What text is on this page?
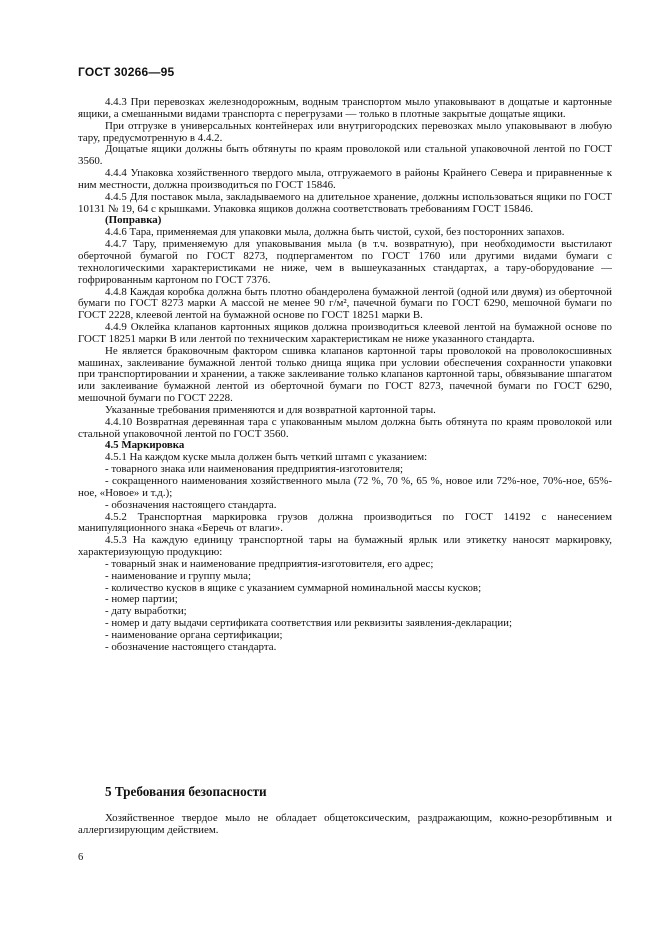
ГОСТ 30266—95

4.4.3 При перевозках железнодорожным, водным транспортом мыло упаковывают в дощатые и картонные ящики, а смешанными видами транспорта с перегрузами — только в плотные закрытые дощатые ящики.

При отгрузке в универсальных контейнерах или внутригородских перевозках мыло упаковывают в любую тару, предусмотренную в 4.4.2.

Дощатые ящики должны быть обтянуты по краям проволокой или стальной упаковочной лентой по ГОСТ 3560.

4.4.4 Упаковка хозяйственного твердого мыла, отгружаемого в районы Крайнего Севера и приравненные к ним местности, должна производиться по ГОСТ 15846.

4.4.5 Для поставок мыла, закладываемого на длительное хранение, должны использоваться ящики по ГОСТ 10131 № 19, 64 с крышками. Упаковка ящиков должна соответствовать требованиям ГОСТ 15846.

(Поправка)

4.4.6 Тара, применяемая для упаковки мыла, должна быть чистой, сухой, без посторонних запахов.

4.4.7 Тару, применяемую для упаковывания мыла (в т.ч. возвратную), при необходимости выстилают оберточной бумагой по ГОСТ 8273, подпергаментом по ГОСТ 1760 или другими видами бумаги с технологическими характеристиками не ниже, чем в вышеуказанных стандартах, а тару-оборудование — гофрированным картоном по ГОСТ 7376.

4.4.8 Каждая коробка должна быть плотно обандеролена бумажной лентой (одной или двумя) из оберточной бумаги по ГОСТ 8273 марки А массой не менее 90 г/м², пачечной бумаги по ГОСТ 6290, мешочной бумаги по ГОСТ 2228, клеевой лентой на бумажной основе по ГОСТ 18251 марки В.

4.4.9 Оклейка клапанов картонных ящиков должна производиться клеевой лентой на бумажной основе по ГОСТ 18251 марки В или лентой по техническим характеристикам не ниже указанного стандарта.

Не является браковочным фактором сшивка клапанов картонной тары проволокой на проволокосшивных машинах, заклеивание бумажной лентой только днища ящика при условии обеспечения сохранности упаковки при транспортировании и хранении, а также заклеивание только клапанов картонной тары, обвязывание шпагатом или заклеивание бумажной лентой из оберточной бумаги по ГОСТ 8273, пачечной бумаги по ГОСТ 6290, мешочной бумаги по ГОСТ 2228.

Указанные требования применяются и для возвратной картонной тары.

4.4.10 Возвратная деревянная тара с упакованным мылом должна быть обтянута по краям проволокой или стальной упаковочной лентой по ГОСТ 3560.

4.5 Маркировка

4.5.1 На каждом куске мыла должен быть четкий штамп с указанием:

- товарного знака или наименования предприятия-изготовителя;

- сокращенного наименования хозяйственного мыла (72 %, 70 %, 65 %, новое или 72%-ное, 70%-ное, 65%-ное, «Новое» и т.д.);

- обозначения настоящего стандарта.

4.5.2 Транспортная маркировка грузов должна производиться по ГОСТ 14192 с нанесением манипуляционного знака «Беречь от влаги».

4.5.3 На каждую единицу транспортной тары на бумажный ярлык или этикетку наносят маркировку, характеризующую продукцию:

- товарный знак и наименование предприятия-изготовителя, его адрес;

- наименование и группу мыла;

- количество кусков в ящике с указанием суммарной номинальной массы кусков;

- номер партии;

- дату выработки;

- номер и дату выдачи сертификата соответствия или реквизиты заявления-декларации;

- наименование органа сертификации;

- обозначение настоящего стандарта.

5 Требования безопасности

Хозяйственное твердое мыло не обладает общетоксическим, раздражающим, кожно-резорбтивным и аллергизирующим действием.

6
